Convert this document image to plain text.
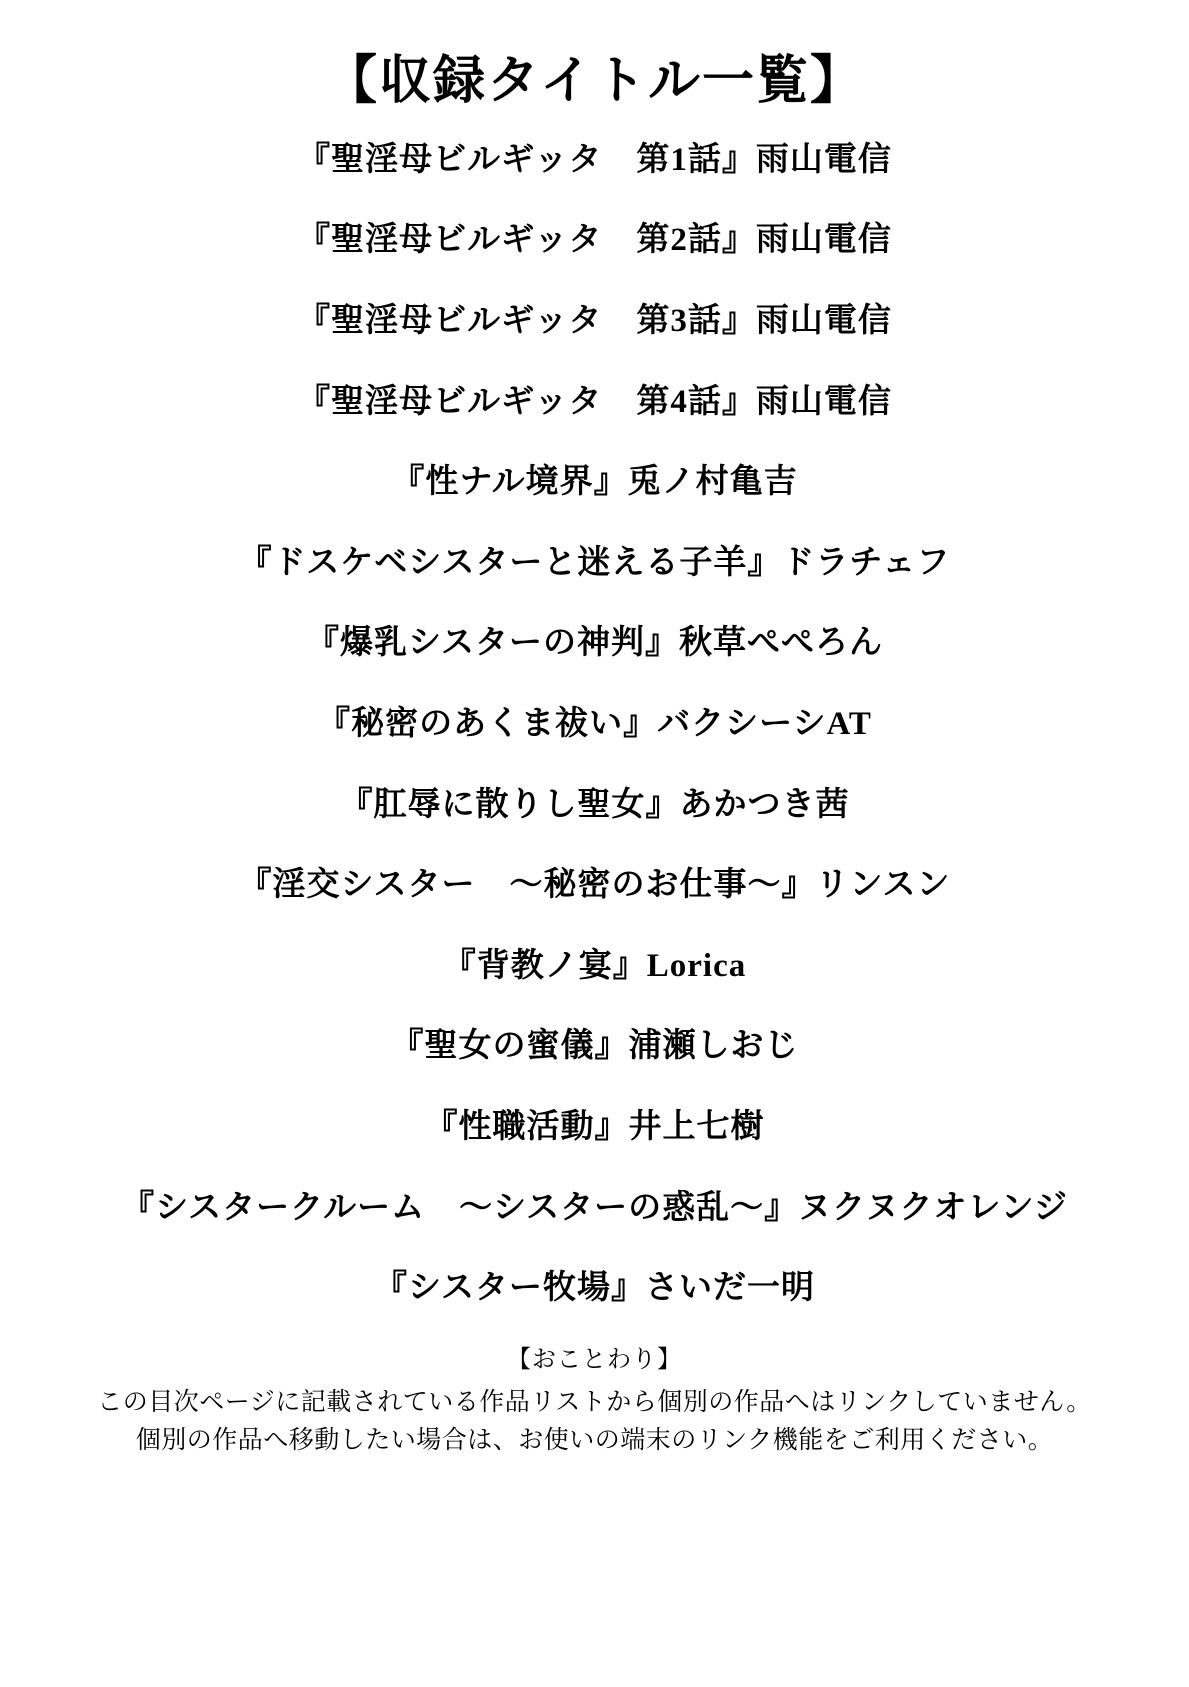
【収録タイトル一覧】
『聖淫母ビルギッタ　第1話』雨山電信
『聖淫母ビルギッタ　第2話』雨山電信
『聖淫母ビルギッタ　第3話』雨山電信
『聖淫母ビルギッタ　第4話』雨山電信
『性ナル境界』兎ノ村亀吉
『ドスケベシスターと迷える子羊』ドラチェフ
『爆乳シスターの神判』秋草ぺぺろん
『秘密のあくま祓い』バクシーシAT
『肛辱に散りし聖女』あかつき茜
『淫交シスター　～秘密のお仕事～』リンスン
『背教ノ宴』Lorica
『聖女の蜜儀』浦瀬しおじ
『性職活動』井上七樹
『シスタークルーム　～シスターの惑乱～』ヌクヌクオレンジ
『シスター牧場』さいだ一明

【おことわり】

この目次ページに記載されている作品リストから個別の作品へはリンクしていません。

個別の作品へ移動したい場合は、お使いの端末のリンク機能をご利用ください。
